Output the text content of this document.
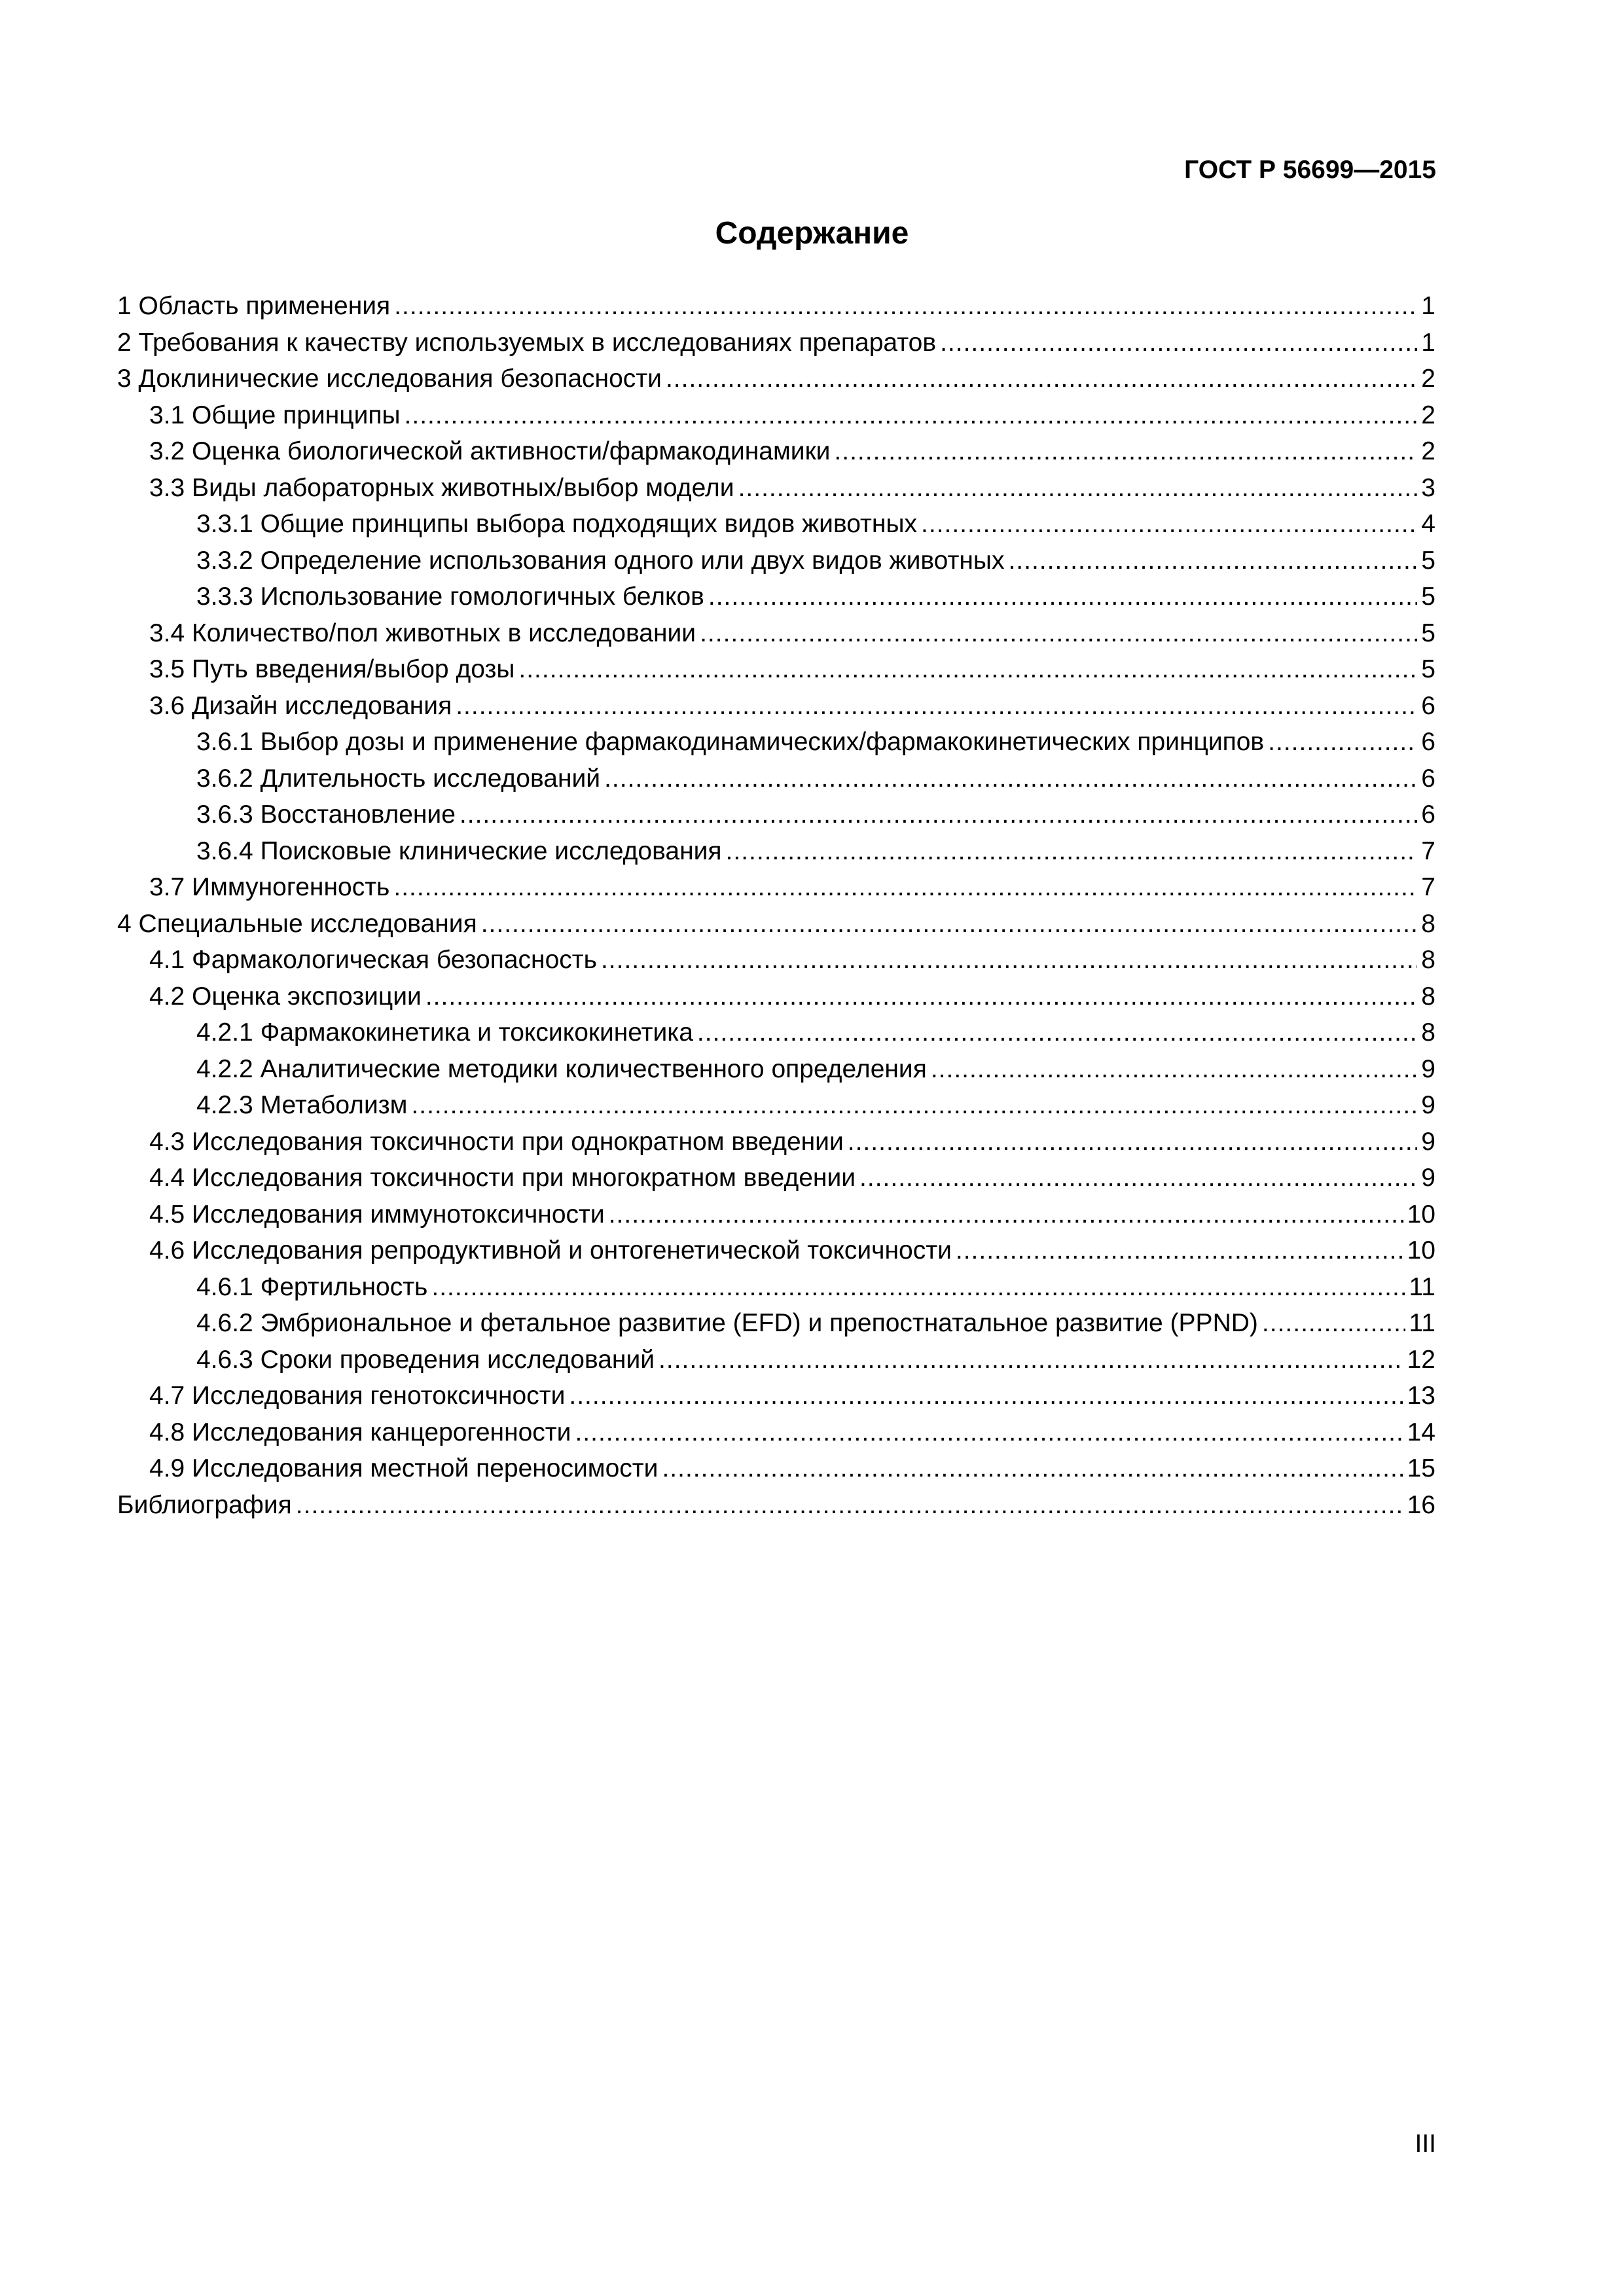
ГОСТ Р 56699—2015
Содержание
1 Область применения .....	1
2 Требования к качеству используемых в исследованиях препаратов .....	1
3 Доклинические исследования безопасности .....	2
3.1 Общие принципы .....	2
3.2 Оценка биологической активности/фармакодинамики .....	2
3.3 Виды лабораторных животных/выбор модели .....	3
3.3.1 Общие принципы выбора подходящих видов животных .....	4
3.3.2 Определение использования одного или двух видов животных .....	5
3.3.3 Использование гомологичных белков .....	5
3.4 Количество/пол животных в исследовании .....	5
3.5 Путь введения/выбор дозы .....	5
3.6 Дизайн исследования .....	6
3.6.1 Выбор дозы и применение фармакодинамических/фармакокинетических принципов .....	6
3.6.2 Длительность исследований .....	6
3.6.3 Восстановление .....	6
3.6.4 Поисковые клинические исследования .....	7
3.7 Иммуногенность .....	7
4 Специальные исследования .....	8
4.1 Фармакологическая безопасность .....	8
4.2 Оценка экспозиции .....	8
4.2.1 Фармакокинетика и токсикокинетика .....	8
4.2.2 Аналитические методики количественного определения .....	9
4.2.3 Метаболизм .....	9
4.3 Исследования токсичности при однократном введении .....	9
4.4 Исследования токсичности при многократном введении .....	9
4.5 Исследования иммунотоксичности .....	10
4.6 Исследования репродуктивной и онтогенетической токсичности .....	10
4.6.1 Фертильность .....	11
4.6.2 Эмбриональное и фетальное развитие (EFD) и препостнатальное развитие (PPND) .....	11
4.6.3 Сроки проведения исследований .....	12
4.7 Исследования генотоксичности .....	13
4.8 Исследования канцерогенности .....	14
4.9 Исследования местной переносимости .....	15
Библиография .....	16
III
